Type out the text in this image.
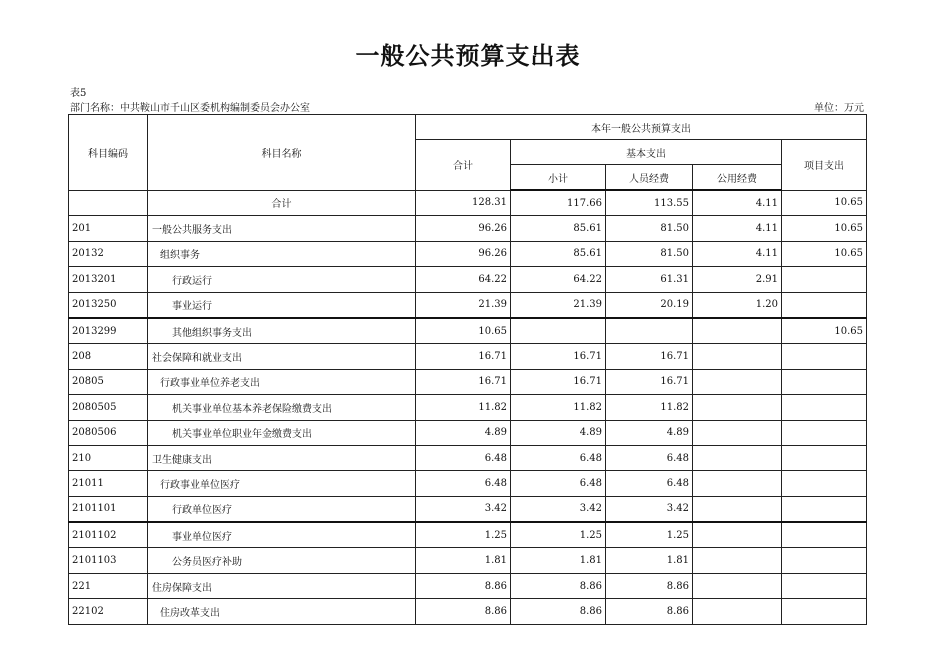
一般公共预算支出表
表5
部门名称：中共鞍山市千山区委机构编制委员会办公室	单位：万元
科目编码	科目名称	本年一般公共预算支出				
		合计	基本支出			项目支出
			小计	人员经费	公用经费	
	合计	128.31	117.66	113.55	4.11	10.65
201	一般公共服务支出	96.26	85.61	81.50	4.11	10.65
20132	组织事务	96.26	85.61	81.50	4.11	10.65
2013201	行政运行	64.22	64.22	61.31	2.91	
2013250	事业运行	21.39	21.39	20.19	1.20	
2013299	其他组织事务支出	10.65				10.65
208	社会保障和就业支出	16.71	16.71	16.71		
20805	行政事业单位养老支出	16.71	16.71	16.71		
2080505	机关事业单位基本养老保险缴费支出	11.82	11.82	11.82		
2080506	机关事业单位职业年金缴费支出	4.89	4.89	4.89		
210	卫生健康支出	6.48	6.48	6.48		
21011	行政事业单位医疗	6.48	6.48	6.48		
2101101	行政单位医疗	3.42	3.42	3.42		
2101102	事业单位医疗	1.25	1.25	1.25		
2101103	公务员医疗补助	1.81	1.81	1.81		
221	住房保障支出	8.86	8.86	8.86		
22102	住房改革支出	8.86	8.86	8.86		
